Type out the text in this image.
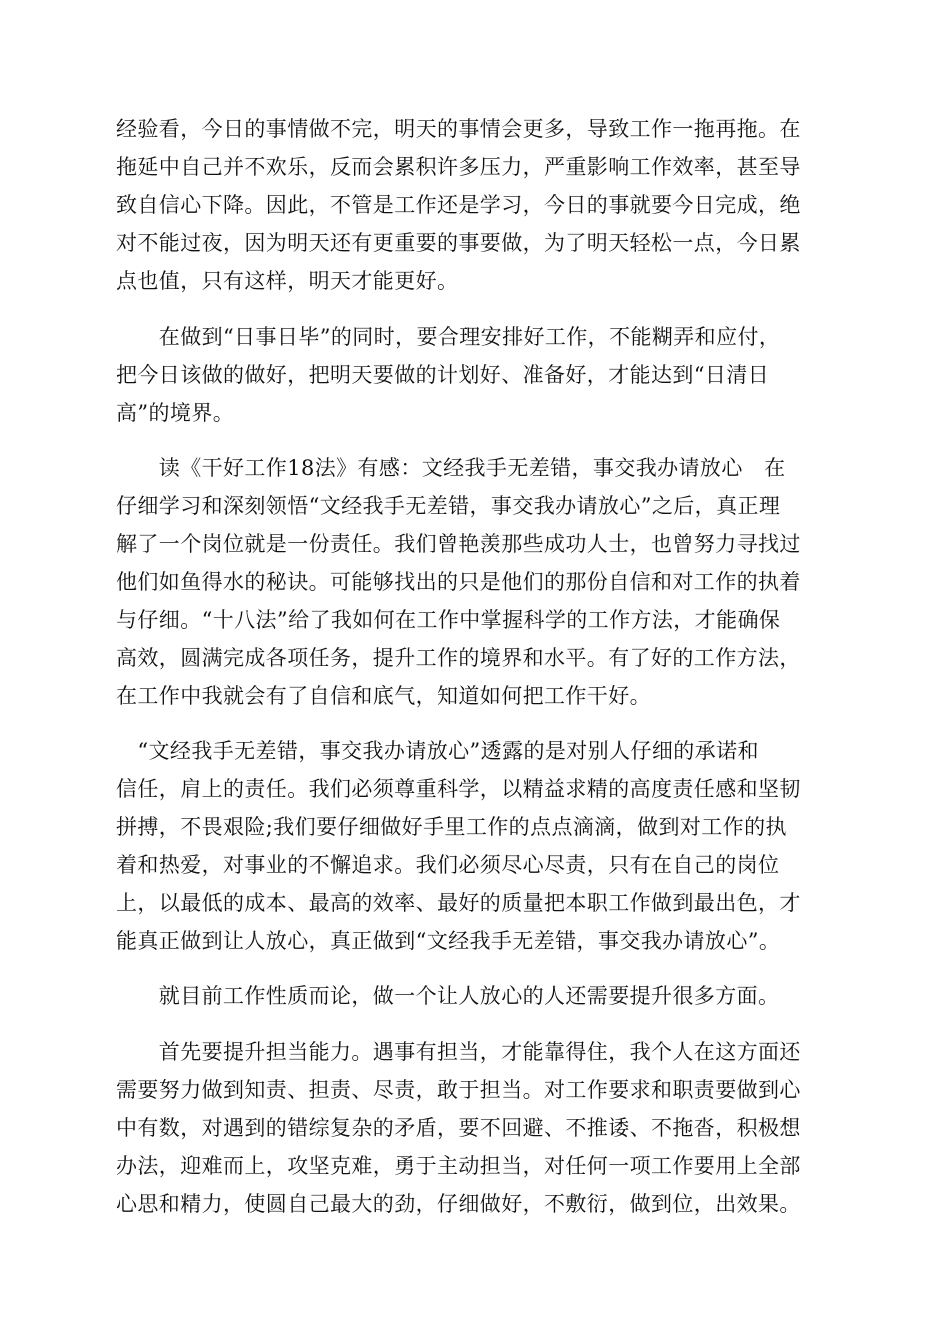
经验看，今日的事情做不完，明天的事情会更多，导致工作一拖再拖。在
拖延中自己并不欢乐，反而会累积许多压力，严重影响工作效率，甚至导
致自信心下降。因此，不管是工作还是学习，今日的事就要今日完成，绝
对不能过夜，因为明天还有更重要的事要做，为了明天轻松一点，今日累
点也值，只有这样，明天才能更好。

　　在做到“日事日毕”的同时，要合理安排好工作，不能糊弄和应付，
把今日该做的做好，把明天要做的计划好、准备好，才能达到“日清日
高”的境界。

　　读《干好工作18法》有感：文经我手无差错，事交我办请放心　在
仔细学习和深刻领悟“文经我手无差错，事交我办请放心”之后，真正理
解了一个岗位就是一份责任。我们曾艳羡那些成功人士，也曾努力寻找过
他们如鱼得水的秘诀。可能够找出的只是他们的那份自信和对工作的执着
与仔细。“十八法”给了我如何在工作中掌握科学的工作方法，才能确保
高效，圆满完成各项任务，提升工作的境界和水平。有了好的工作方法，
在工作中我就会有了自信和底气，知道如何把工作干好。

　“文经我手无差错，事交我办请放心”透露的是对别人仔细的承诺和
信任，肩上的责任。我们必须尊重科学，以精益求精的高度责任感和坚韧
拼搏，不畏艰险;我们要仔细做好手里工作的点点滴滴，做到对工作的执
着和热爱，对事业的不懈追求。我们必须尽心尽责，只有在自己的岗位
上，以最低的成本、最高的效率、最好的质量把本职工作做到最出色，才
能真正做到让人放心，真正做到“文经我手无差错，事交我办请放心”。

　　就目前工作性质而论，做一个让人放心的人还需要提升很多方面。

　　首先要提升担当能力。遇事有担当，才能靠得住，我个人在这方面还
需要努力做到知责、担责、尽责，敢于担当。对工作要求和职责要做到心
中有数，对遇到的错综复杂的矛盾，要不回避、不推诿、不拖沓，积极想
办法，迎难而上，攻坚克难，勇于主动担当，对任何一项工作要用上全部
心思和精力，使圆自己最大的劲，仔细做好，不敷衍，做到位，出效果。
